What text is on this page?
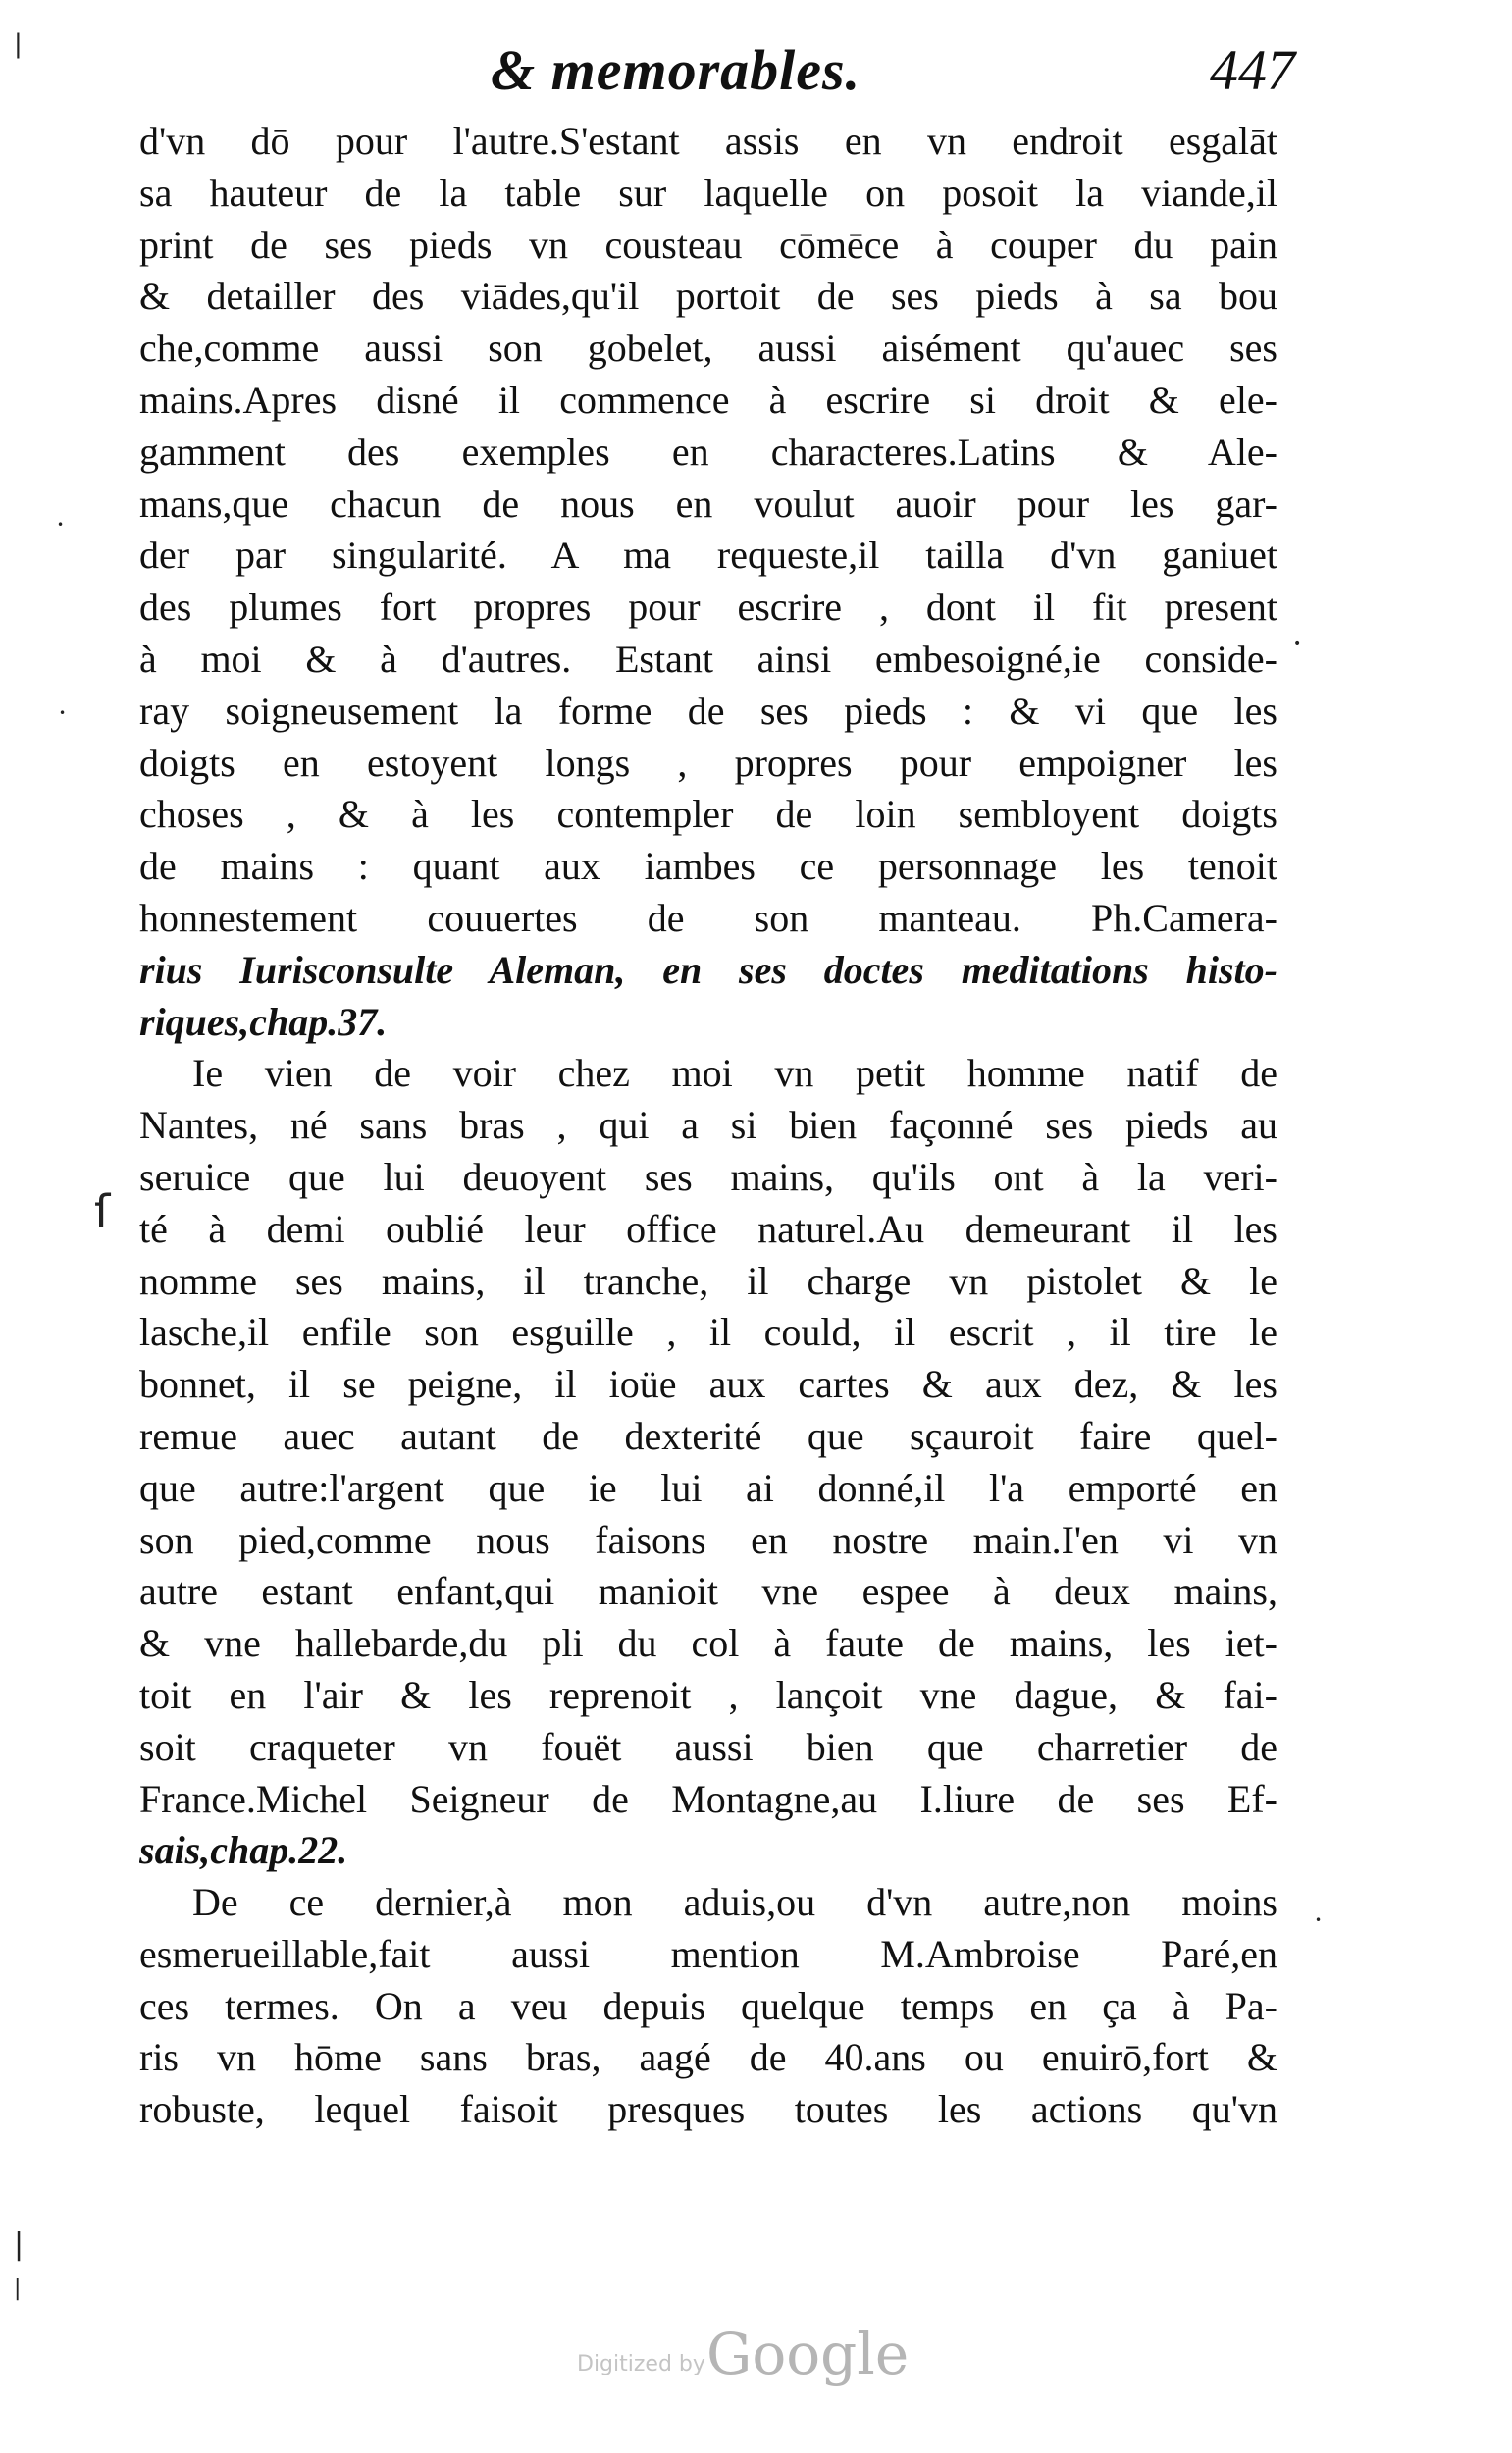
& memorables.	447
d'vn dō pour l'autre.S'estant assis en vn endroit esgalāt
sa hauteur de la table sur laquelle on posoit la viande,il
print de ses pieds vn cousteau cōmēce à couper du pain
& detailler des viādes,qu'il portoit de ses pieds à sa bou
che,comme aussi son gobelet, aussi aisément qu'auec ses
mains.Apres disné il commence à escrire si droit & ele-
gamment des exemples en characteres.Latins & Ale-
mans,que chacun de nous en voulut auoir pour les gar-
der par singularité. A ma requeste,il tailla d'vn ganiuet
des plumes fort propres pour escrire , dont il fit present
à moi & à d'autres. Estant ainsi embesoigné,ie conside-
ray soigneusement la forme de ses pieds : & vi que les
doigts en estoyent longs , propres pour empoigner les
choses , & à les contempler de loin sembloyent doigts
de mains : quant aux iambes ce personnage les tenoit
honnestement couuertes de son manteau. Ph.Camera-
rius Iurisconsulte Aleman, en ses doctes meditations histo-
riques,chap.37.
Ie vien de voir chez moi vn petit homme natif de
Nantes, né sans bras , qui a si bien façonné ses pieds au
seruice que lui deuoyent ses mains, qu'ils ont à la veri-
té à demi oublié leur office naturel.Au demeurant il les
nomme ses mains, il tranche, il charge vn pistolet & le
lasche,il enfile son esguille , il could, il escrit , il tire le
bonnet, il se peigne, il ioüe aux cartes & aux dez, & les
remue auec autant de dexterité que sçauroit faire quel-
que autre:l'argent que ie lui ai donné,il l'a emporté en
son pied,comme nous faisons en nostre main.I'en vi vn
autre estant enfant,qui manioit vne espee à deux mains,
& vne hallebarde,du pli du col à faute de mains, les iet-
toit en l'air & les reprenoit , lançoit vne dague, & fai-
soit craqueter vn fouët aussi bien que charretier de
France.Michel Seigneur de Montagne,au I.liure de ses Ef-
sais,chap.22.
De ce dernier,à mon aduis,ou d'vn autre,non moins
esmerueillable,fait aussi mention M.Ambroise Paré,en
ces termes. On a veu depuis quelque temps en ça à Pa-
ris vn hōme sans bras, aagé de 40.ans ou enuirō,fort &
robuste, lequel faisoit presques toutes les actions qu'vn
|
|
|
ſ
•
•
•
•
Digitized by Google
